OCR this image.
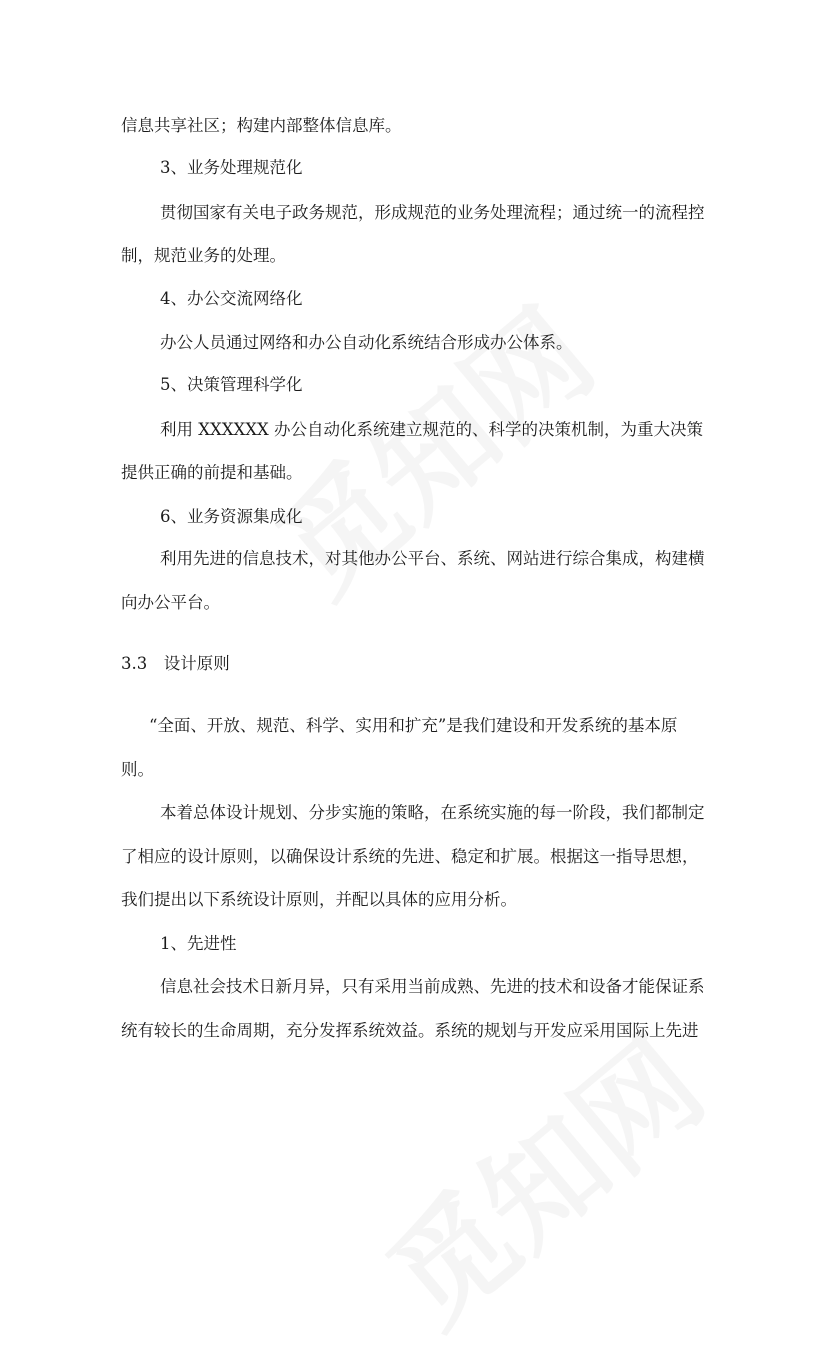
信息共享社区；构建内部整体信息库。
3、业务处理规范化
贯彻国家有关电子政务规范，形成规范的业务处理流程；通过统一的流程控
制，规范业务的处理。
4、办公交流网络化
办公人员通过网络和办公自动化系统结合形成办公体系。
5、决策管理科学化
利用 XXXXXX 办公自动化系统建立规范的、科学的决策机制，为重大决策
提供正确的前提和基础。
6、业务资源集成化
利用先进的信息技术，对其他办公平台、系统、网站进行综合集成，构建横
向办公平台。
3.3　设计原则
“全面、开放、规范、科学、实用和扩充”是我们建设和开发系统的基本原
则。
本着总体设计规划、分步实施的策略，在系统实施的每一阶段，我们都制定
了相应的设计原则，以确保设计系统的先进、稳定和扩展。根据这一指导思想，
我们提出以下系统设计原则，并配以具体的应用分析。
1、先进性
信息社会技术日新月异，只有采用当前成熟、先进的技术和设备才能保证系
统有较长的生命周期，充分发挥系统效益。系统的规划与开发应采用国际上先进
